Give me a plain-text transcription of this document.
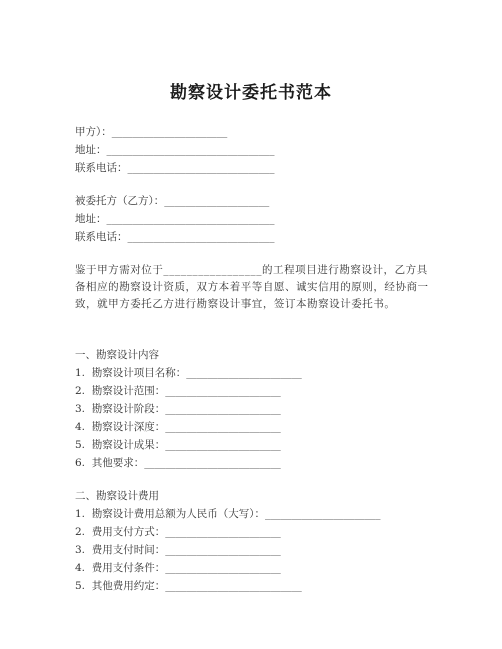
勘察设计委托书范本
甲方）：______________________
地址：________________________________
联系电话：____________________________
被委托方（乙方）：____________________
地址：________________________________
联系电话：____________________________
鉴于甲方需对位于_________________的工程项目进行勘察设计，乙方具备相应的勘察设计资质，双方本着平等自愿、诚实信用的原则，经协商一致，就甲方委托乙方进行勘察设计事宜，签订本勘察设计委托书。
一、勘察设计内容
1.  勘察设计项目名称：______________________
2.  勘察设计范围：______________________
3.  勘察设计阶段：______________________
4.  勘察设计深度：______________________
5.  勘察设计成果：______________________
6.  其他要求：__________________________
二、勘察设计费用
1.  勘察设计费用总额为人民币（大写）：______________________
2.  费用支付方式：______________________
3.  费用支付时间：______________________
4.  费用支付条件：______________________
5.  其他费用约定：__________________________
